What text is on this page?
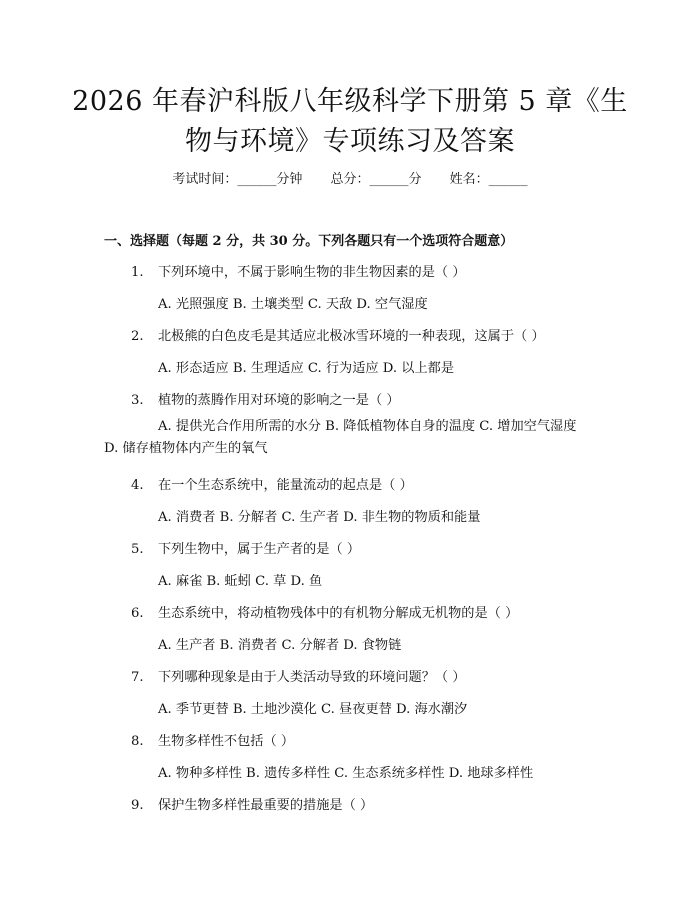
2026 年春沪科版八年级科学下册第 5 章《生
物与环境》专项练习及答案
考试时间：______分钟 总分：______分 姓名：______
一、选择题（每题 2 分，共 30 分。下列各题只有一个选项符合题意）
1. 下列环境中，不属于影响生物的非生物因素的是（ ）
A. 光照强度 B. 土壤类型 C. 天敌 D. 空气湿度
2. 北极熊的白色皮毛是其适应北极冰雪环境的一种表现，这属于（ ）
A. 形态适应 B. 生理适应 C. 行为适应 D. 以上都是
3. 植物的蒸腾作用对环境的影响之一是（ ）
A. 提供光合作用所需的水分 B. 降低植物体自身的温度 C. 增加空气湿度 D. 储存植物体内产生的氧气
4. 在一个生态系统中，能量流动的起点是（ ）
A. 消费者 B. 分解者 C. 生产者 D. 非生物的物质和能量
5. 下列生物中，属于生产者的是（ ）
A. 麻雀 B. 蚯蚓 C. 草 D. 鱼
6. 生态系统中，将动植物残体中的有机物分解成无机物的是（ ）
A. 生产者 B. 消费者 C. 分解者 D. 食物链
7. 下列哪种现象是由于人类活动导致的环境问题？（ ）
A. 季节更替 B. 土地沙漠化 C. 昼夜更替 D. 海水潮汐
8. 生物多样性不包括（ ）
A. 物种多样性 B. 遗传多样性 C. 生态系统多样性 D. 地球多样性
9. 保护生物多样性最重要的措施是（ ）
